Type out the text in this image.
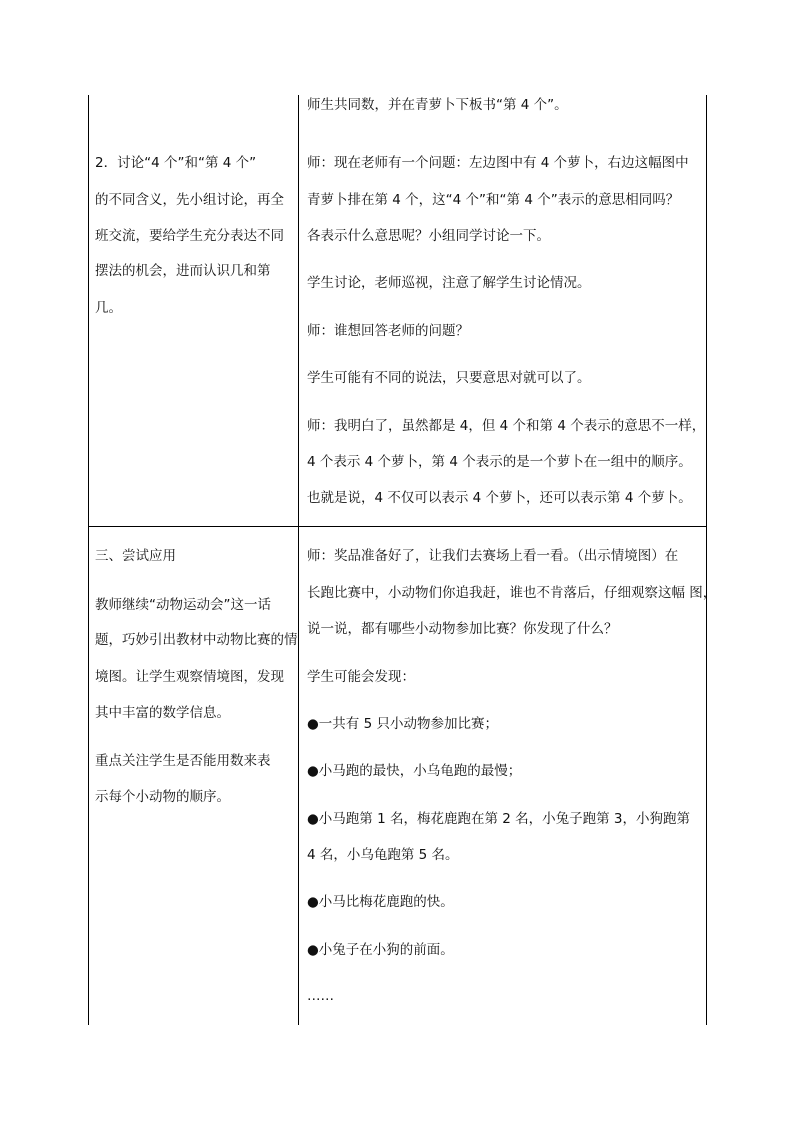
2．讨论“4 个”和“第 4 个”
的不同含义，先小组讨论，再全
班交流，要给学生充分表达不同
摆法的机会，进而认识几和第
几。
三、尝试应用
教师继续“动物运动会”这一话
题，巧妙引出教材中动物比赛的情
境图。让学生观察情境图，发现
其中丰富的数学信息。
重点关注学生是否能用数来表
示每个小动物的顺序。
师生共同数，并在青萝卜下板书“第 4 个”。
师：现在老师有一个问题：左边图中有 4 个萝卜，右边这幅图中
青萝卜排在第 4 个，这“4 个”和“第 4 个”表示的意思相同吗？
各表示什么意思呢？小组同学讨论一下。
学生讨论，老师巡视，注意了解学生讨论情况。
师：谁想回答老师的问题？
学生可能有不同的说法，只要意思对就可以了。
师：我明白了，虽然都是 4，但 4 个和第 4 个表示的意思不一样，
4 个表示 4 个萝卜，第 4 个表示的是一个萝卜在一组中的顺序。
也就是说，4 不仅可以表示 4 个萝卜，还可以表示第 4 个萝卜。
师：奖品准备好了，让我们去赛场上看一看。（出示情境图）在
长跑比赛中，小动物们你追我赶，谁也不肯落后，仔细观察这幅 图，
说一说，都有哪些小动物参加比赛？你发现了什么？
学生可能会发现：
●一共有 5 只小动物参加比赛；
●小马跑的最快，小乌龟跑的最慢；
●小马跑第 1 名，梅花鹿跑在第 2 名，小兔子跑第 3，小狗跑第
4 名，小乌龟跑第 5 名。
●小马比梅花鹿跑的快。
●小兔子在小狗的前面。
……
